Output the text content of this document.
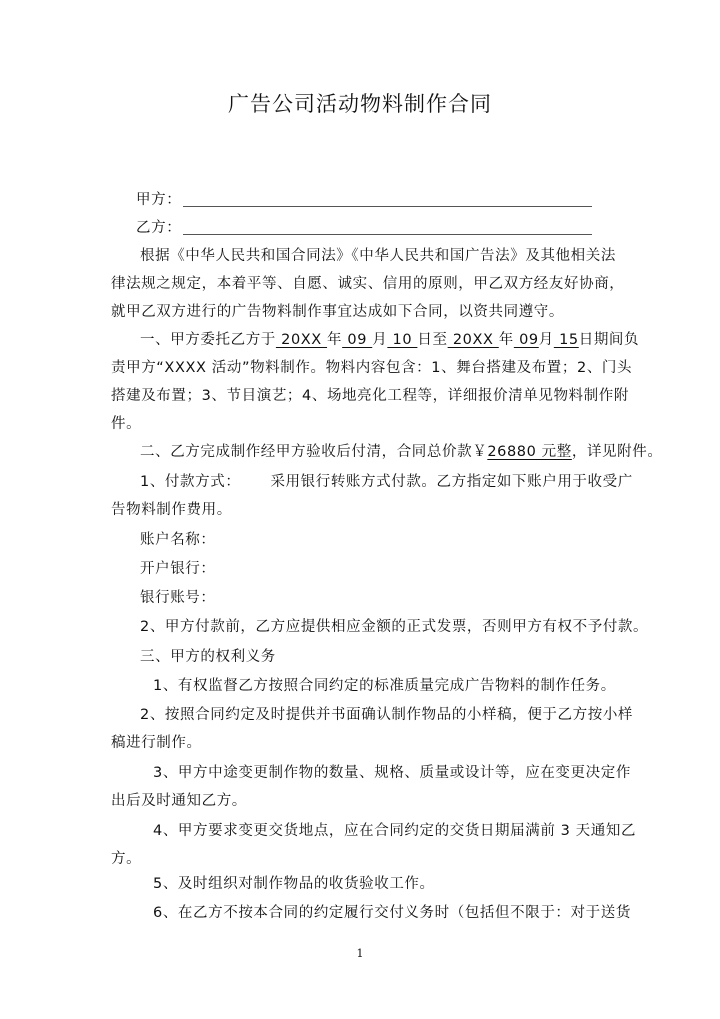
广告公司活动物料制作合同
甲方：
乙方：
根据《中华人民共和国合同法》《中华人民共和国广告法》及其他相关法
律法规之规定，本着平等、自愿、诚实、信用的原则，甲乙双方经友好协商，
就甲乙双方进行的广告物料制作事宜达成如下合同，以资共同遵守。
一、甲方委托乙方于 20XX 年 09 月 10 日至 20XX 年 09月 15日期间负
责甲方“XXXX 活动”物料制作。物料内容包含：1、舞台搭建及布置；2、门头
搭建及布置；3、节目演艺；4、场地亮化工程等，详细报价清单见物料制作附
件。
二、乙方完成制作经甲方验收后付清，合同总价款￥26880 元整，详见附件。
1、付款方式： 采用银行转账方式付款。乙方指定如下账户用于收受广
告物料制作费用。
账户名称：
开户银行：
银行账号：
2、甲方付款前，乙方应提供相应金额的正式发票，否则甲方有权不予付款。
三、甲方的权利义务
1、有权监督乙方按照合同约定的标准质量完成广告物料的制作任务。
2、按照合同约定及时提供并书面确认制作物品的小样稿，便于乙方按小样
稿进行制作。
3、甲方中途变更制作物的数量、规格、质量或设计等，应在变更决定作
出后及时通知乙方。
4、甲方要求变更交货地点，应在合同约定的交货日期届满前 3 天通知乙
方。
5、及时组织对制作物品的收货验收工作。
6、在乙方不按本合同的约定履行交付义务时（包括但不限于：对于送货
1
